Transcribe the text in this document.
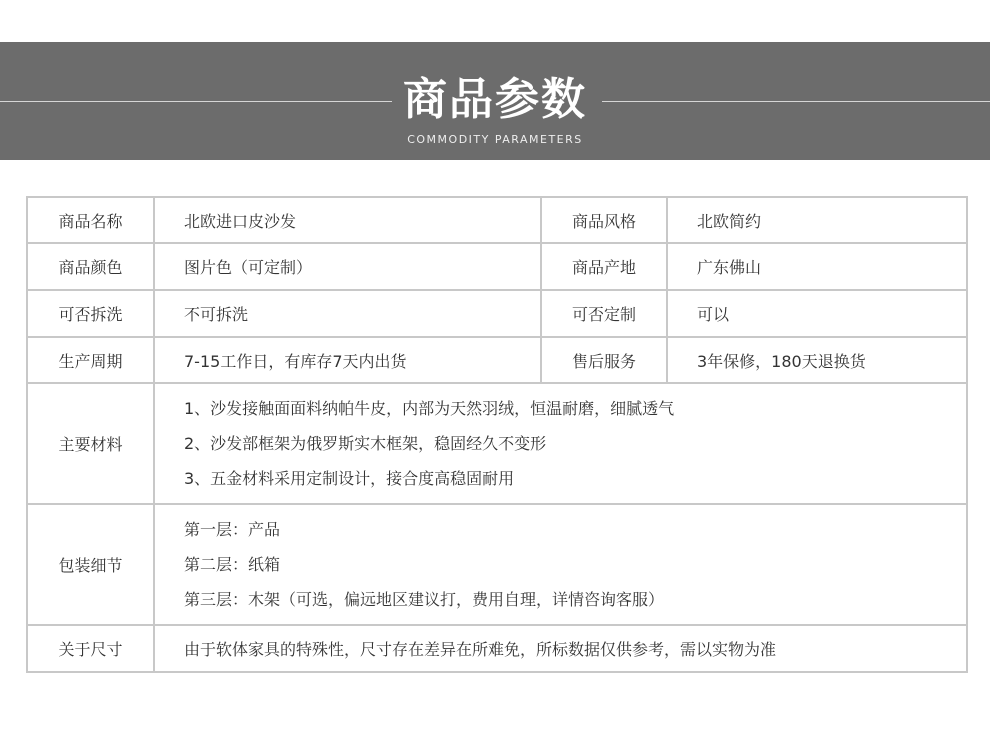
商品参数
COMMODITY PARAMETERS
商品名称	北欧进口皮沙发	商品风格	北欧简约
商品颜色	图片色（可定制）	商品产地	广东佛山
可否拆洗	不可拆洗	可否定制	可以
生产周期	7-15工作日，有库存7天内出货	售后服务	3年保修，180天退换货
主要材料	1、沙发接触面面料纳帕牛皮，内部为天然羽绒，恒温耐磨，细腻透气
2、沙发部框架为俄罗斯实木框架，稳固经久不变形
3、五金材料采用定制设计，接合度高稳固耐用		

包装细节	第一层：产品
第二层：纸箱
第三层：木架（可选，偏远地区建议打，费用自理，详情咨询客服）		

关于尺寸	由于软体家具的特殊性，尺寸存在差异在所难免，所标数据仅供参考，需以实物为准		
